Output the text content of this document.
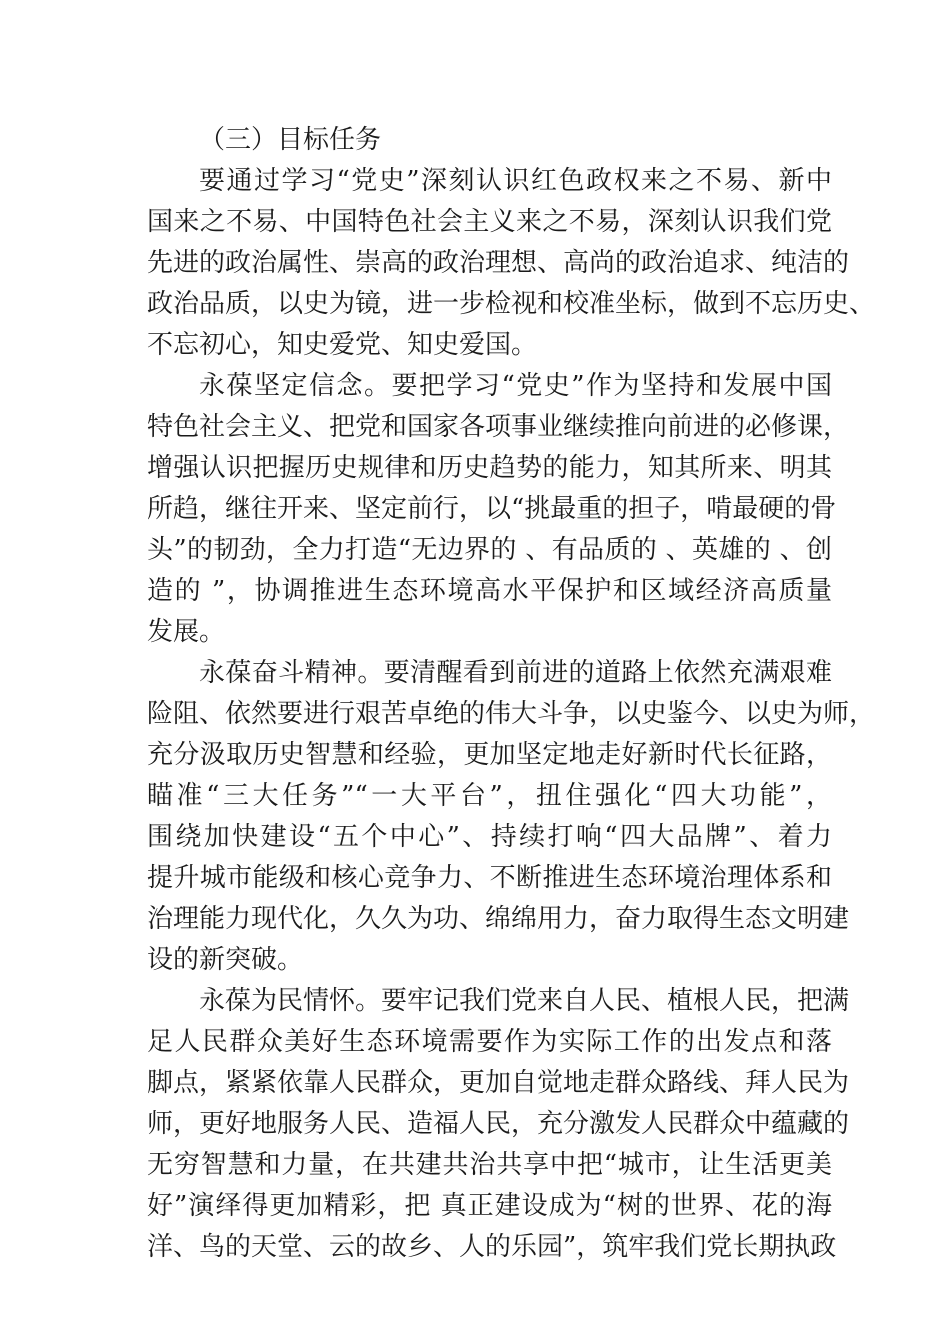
（三）目标任务

要通过学习“党史”深刻认识红色政权来之不易、新中
国来之不易、中国特色社会主义来之不易，深刻认识我们党
先进的政治属性、崇高的政治理想、高尚的政治追求、纯洁的
政治品质，以史为镜，进一步检视和校准坐标，做到不忘历史、
不忘初心，知史爱党、知史爱国。

永葆坚定信念。要把学习“党史”作为坚持和发展中国
特色社会主义、把党和国家各项事业继续推向前进的必修课，
增强认识把握历史规律和历史趋势的能力，知其所来、明其
所趋，继往开来、坚定前行，以“挑最重的担子，啃最硬的骨
头”的韧劲，全力打造“无边界的 、有品质的 、英雄的 、创
造的 ”，协调推进生态环境高水平保护和区域经济高质量
发展。

永葆奋斗精神。要清醒看到前进的道路上依然充满艰难
险阻、依然要进行艰苦卓绝的伟大斗争，以史鉴今、以史为师，
充分汲取历史智慧和经验，更加坚定地走好新时代长征路，
瞄准“三大任务”“一大平台”，扭住强化“四大功能”，
围绕加快建设“五个中心”、持续打响“四大品牌”、着力
提升城市能级和核心竞争力、不断推进生态环境治理体系和
治理能力现代化，久久为功、绵绵用力，奋力取得生态文明建
设的新突破。

永葆为民情怀。要牢记我们党来自人民、植根人民，把满
足人民群众美好生态环境需要作为实际工作的出发点和落
脚点，紧紧依靠人民群众，更加自觉地走群众路线、拜人民为
师，更好地服务人民、造福人民，充分激发人民群众中蕴藏的
无穷智慧和力量，在共建共治共享中把“城市，让生活更美
好”演绎得更加精彩，把 真正建设成为“树的世界、花的海
洋、鸟的天堂、云的故乡、人的乐园”，筑牢我们党长期执政
